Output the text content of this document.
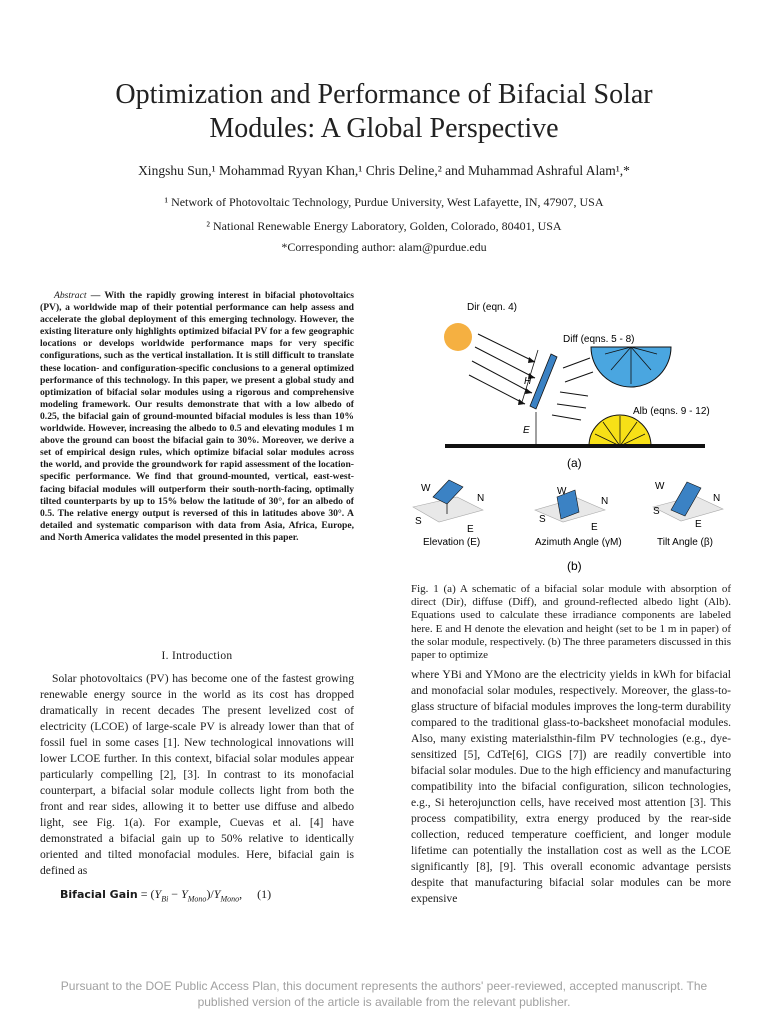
Optimization and Performance of Bifacial Solar
Modules: A Global Perspective
Xingshu Sun,¹ Mohammad Ryyan Khan,¹ Chris Deline,² and Muhammad Ashraful Alam¹,*
¹ Network of Photovoltaic Technology, Purdue University, West Lafayette, IN, 47907, USA
² National Renewable Energy Laboratory, Golden, Colorado, 80401, USA
*Corresponding author: alam@purdue.edu
Abstract — With the rapidly growing interest in bifacial photovoltaics (PV), a worldwide map of their potential performance can help assess and accelerate the global deployment of this emerging technology. However, the existing literature only highlights optimized bifacial PV for a few geographic locations or develops worldwide performance maps for very specific configurations, such as the vertical installation. It is still difficult to translate these location- and configuration-specific conclusions to a general optimized performance of this technology. In this paper, we present a global study and optimization of bifacial solar modules using a rigorous and comprehensive modeling framework. Our results demonstrate that with a low albedo of 0.25, the bifacial gain of ground-mounted bifacial modules is less than 10% worldwide. However, increasing the albedo to 0.5 and elevating modules 1 m above the ground can boost the bifacial gain to 30%. Moreover, we derive a set of empirical design rules, which optimize bifacial solar modules across the world, and provide the groundwork for rapid assessment of the location-specific performance. We find that ground-mounted, vertical, east-west-facing bifacial modules will outperform their south-north-facing, optimally tilted counterparts by up to 15% below the latitude of 30°, for an albedo of 0.5. The relative energy output is reversed of this in latitudes above 30°. A detailed and systematic comparison with data from Asia, Africa, Europe, and North America validates the model presented in this paper.
I. Introduction

Solar photovoltaics (PV) has become one of the fastest growing renewable energy source in the world as its cost has dropped dramatically in recent decades The present levelized cost of electricity (LCOE) of large-scale PV is already lower than that of fossil fuel in some cases [1]. New technological innovations will lower LCOE further. In this context, bifacial solar modules appear particularly compelling [2], [3]. In contrast to its monofacial counterpart, a bifacial solar module collects light from both the front and rear sides, allowing it to better use diffuse and albedo light, see Fig. 1(a). For example, Cuevas et al. [4] have demonstrated a bifacial gain up to 50% relative to identically oriented and tilted monofacial modules. Here, bifacial gain is defined as

Bifacial Gain = $(Y_{Bi} - Y_{Mono})/Y_{Mono}$, (1)
Dir (eqn. 4)
Diff (eqns. 5 - 8)
H
E
Alb (eqns. 9 - 12)
(a)
W
N
S
E
Elevation (E)
W
N
S
E
Azimuth Angle (γM)
W
N
S
E
Tilt Angle (β)
(b)
Fig. 1 (a) A schematic of a bifacial solar module with absorption of direct (Dir), diffuse (Diff), and ground-reflected albedo light (Alb). Equations used to calculate these irradiance components are labeled here. E and H denote the elevation and height (set to be 1 m in paper) of the solar module, respectively. (b) The three parameters discussed in this paper to optimize

where YBi and YMono are the electricity yields in kWh for bifacial and monofacial solar modules, respectively. Moreover, the glass-to-glass structure of bifacial modules improves the long-term durability compared to the traditional glass-to-backsheet monofacial modules. Also, many existing materialsthin-film PV technologies (e.g., dye-sensitized [5], CdTe[6], CIGS [7]) are readily convertible into bifacial solar modules. Due to the high efficiency and manufacturing compatibility into the bifacial configuration, silicon technologies, e.g., Si heterojunction cells, have received most attention [3]. This process compatibility, extra energy produced by the rear-side collection, reduced temperature coefficient, and longer module lifetime can potentially the installation cost as well as the LCOE significantly [8], [9]. This overall economic advantage persists despite that manufacturing bifacial solar modules can be more expensive

Pursuant to the DOE Public Access Plan, this document represents the authors' peer-reviewed, accepted manuscript. The published version of the article is available from the relevant publisher.
